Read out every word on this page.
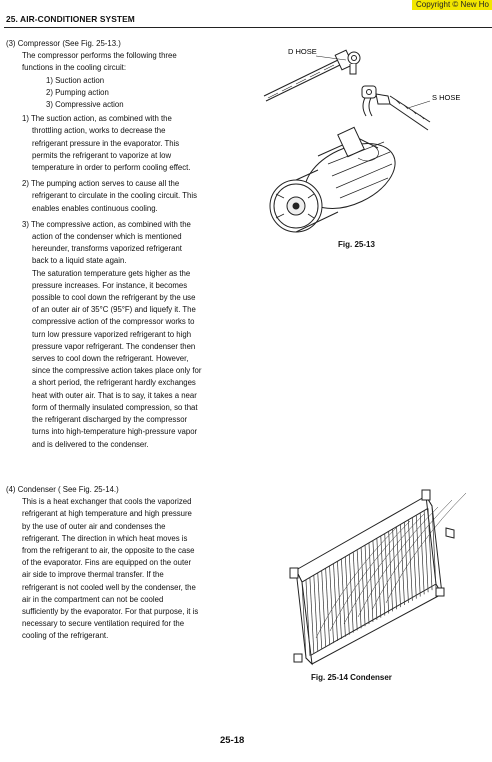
Copyright © New Ho
25. AIR-CONDITIONER SYSTEM

(3) Compressor (See Fig. 25-13.)

The compressor performs the following three

functions in the cooling circuit:

1) Suction action

2) Pumping action

3) Compressive action

1) The suction action, as combined with the

throttling action, works to decrease the

refrigerant pressure in the evaporator. This

permits the refrigerant to vaporize at low

temperature in order to perform cooling effect.

2) The pumping action serves to cause all the

refrigerant to circulate in the cooling circuit. This

enables enables continuous cooling.

3) The compressive action, as combined with the

action of the condenser which is mentioned

hereunder, transforms vaporized refrigerant

back to a liquid state again.

The saturation temperature gets higher as the

pressure increases. For instance, it becomes

possible to cool down the refrigerant by the use

of an outer air of 35°C (95°F) and liquefy it. The

compressive action of the compressor works to

turn low pressure vaporized refrigerant to high

pressure vapor refrigerant. The condenser then

serves to cool down the refrigerant. However,

since the compressive action takes place only for

a short period, the refrigerant hardly exchanges

heat with outer air. That is to say, it takes a near

form of thermally insulated compression, so that

the refrigerant discharged by the compressor

turns into high-temperature high-pressure vapor

and is delivered to the condenser.

(4) Condenser ( See Fig. 25-14.)

This is a heat exchanger that cools the vaporized

refrigerant at high temperature and high pressure

by the use of outer air and condenses the

refrigerant. The direction in which heat moves is

from the refrigerant to air, the opposite to the case

of the evaporator. Fins are equipped on the outer

air side to improve thermal transfer. If the

refrigerant is not cooled well by the condenser, the

air in the compartment can not be cooled

sufficiently by the evaporator. For that purpose, it is

necessary to secure ventilation required for the

cooling of the refrigerant.

D HOSE
S HOSE
Fig. 25-13
Fig. 25-14 Condenser
25-18
